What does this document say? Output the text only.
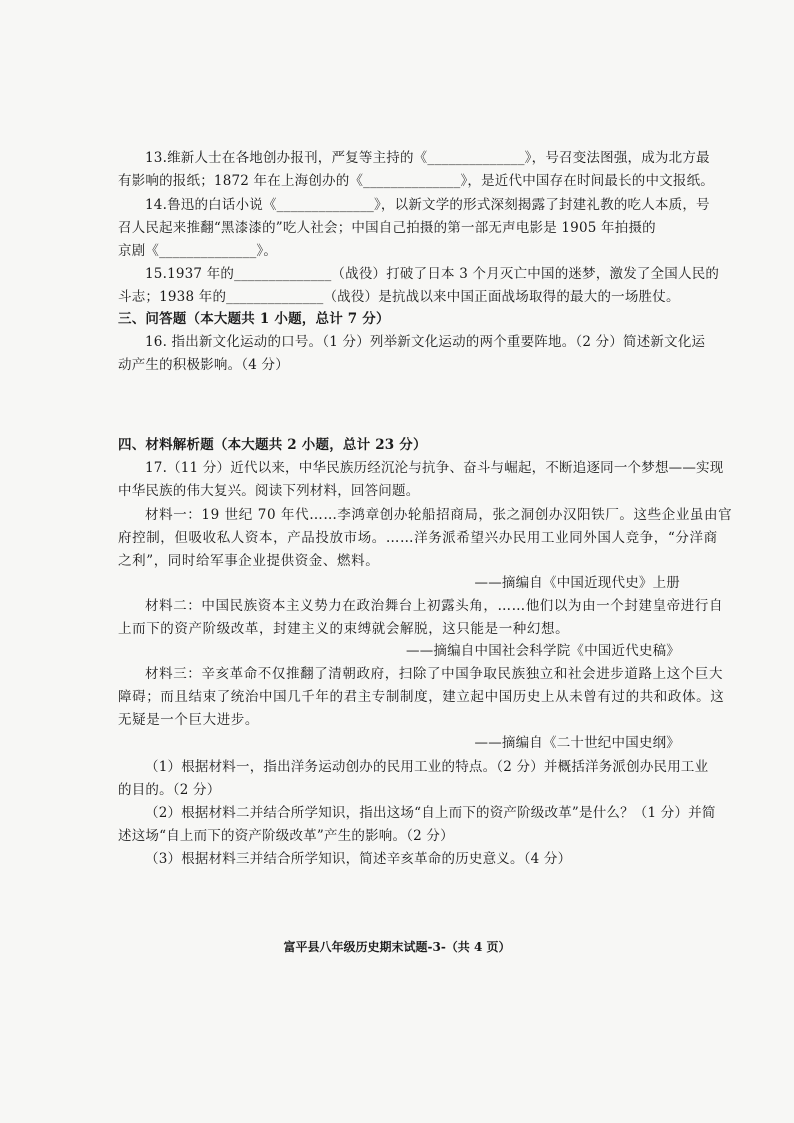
13.维新人士在各地创办报刊，严复等主持的《______________》，号召变法图强，成为北方最
有影响的报纸；1872 年在上海创办的《______________》，是近代中国存在时间最长的中文报纸。
14.鲁迅的白话小说《______________》，以新文学的形式深刻揭露了封建礼教的吃人本质，号
召人民起来推翻“黑漆漆的”吃人社会；中国自己拍摄的第一部无声电影是 1905 年拍摄的
京剧《______________》。
15.1937 年的______________（战役）打破了日本 3 个月灭亡中国的迷梦，激发了全国人民的
斗志；1938 年的______________（战役）是抗战以来中国正面战场取得的最大的一场胜仗。
三、问答题（本大题共 1 小题，总计 7 分）
16. 指出新文化运动的口号。（1 分）列举新文化运动的两个重要阵地。（2 分）简述新文化运
动产生的积极影响。（4 分）
四、材料解析题（本大题共 2 小题，总计 23 分）
17.（11 分）近代以来，中华民族历经沉沦与抗争、奋斗与崛起，不断追逐同一个梦想——实现
中华民族的伟大复兴。阅读下列材料，回答问题。
材料一：19 世纪 70 年代……李鸿章创办轮船招商局，张之洞创办汉阳铁厂。这些企业虽由官
府控制，但吸收私人资本，产品投放市场。……洋务派希望兴办民用工业同外国人竞争，“分洋商
之利”，同时给军事企业提供资金、燃料。
——摘编自《中国近现代史》上册
材料二：中国民族资本主义势力在政治舞台上初露头角，……他们以为由一个封建皇帝进行自
上而下的资产阶级改革，封建主义的束缚就会解脱，这只能是一种幻想。
——摘编自中国社会科学院《中国近代史稿》
材料三：辛亥革命不仅推翻了清朝政府，扫除了中国争取民族独立和社会进步道路上这个巨大
障碍；而且结束了统治中国几千年的君主专制制度，建立起中国历史上从未曾有过的共和政体。这
无疑是一个巨大进步。
——摘编自《二十世纪中国史纲》
（1）根据材料一，指出洋务运动创办的民用工业的特点。（2 分）并概括洋务派创办民用工业
的目的。（2 分）
（2）根据材料二并结合所学知识，指出这场“自上而下的资产阶级改革”是什么？（1 分）并简
述这场“自上而下的资产阶级改革”产生的影响。（2 分）
（3）根据材料三并结合所学知识，简述辛亥革命的历史意义。（4 分）
富平县八年级历史期末试题-3-（共 4 页）
